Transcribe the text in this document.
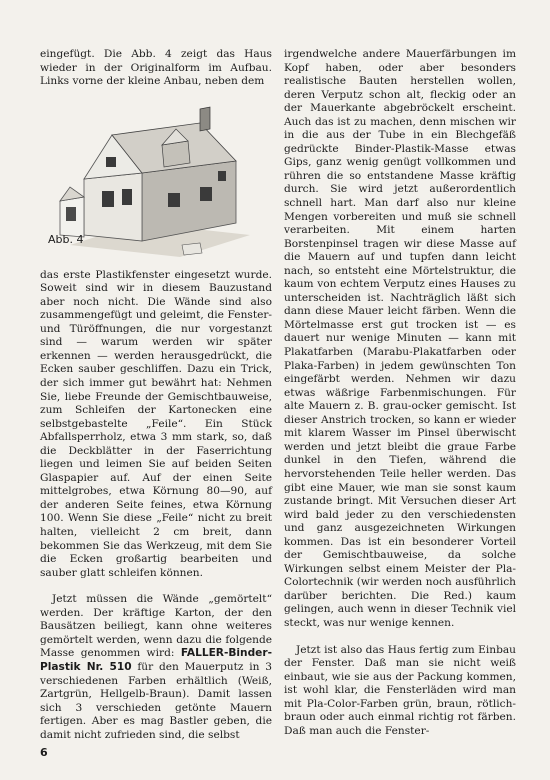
eingefügt. Die Abb. 4 zeigt das Haus wieder in der Originalform im Aufbau. Links vorne der kleine Anbau, neben dem

Abb. 4

das erste Plastikfenster eingesetzt wurde. Soweit sind wir in diesem Bauzustand aber noch nicht. Die Wände sind also zusammengefügt und geleimt, die Fenster- und Türöffnungen, die nur vorgestanzt sind — warum werden wir später erkennen — werden herausgedrückt, die Ecken sauber geschliffen. Dazu ein Trick, der sich immer gut bewährt hat: Nehmen Sie, liebe Freunde der Gemischtbauweise, zum Schleifen der Kartonecken eine selbstgebastelte „Feile“. Ein Stück Abfallsperrholz, etwa 3 mm stark, so, daß die Deckblätter in der Faserrichtung liegen und leimen Sie auf beiden Seiten Glaspapier auf. Auf der einen Seite mittelgrobes, etwa Körnung 80—90, auf der anderen Seite feines, etwa Körnung 100. Wenn Sie diese „Feile“ nicht zu breit halten, vielleicht 2 cm breit, dann bekommen Sie das Werkzeug, mit dem Sie die Ecken großartig bearbeiten und sauber glatt schleifen können.

Jetzt müssen die Wände „gemörtelt“ werden. Der kräftige Karton, der den Bausätzen beiliegt, kann ohne weiteres gemörtelt werden, wenn dazu die folgende Masse genommen wird: FALLER-Binder-Plastik Nr. 510 für den Mauerputz in 3 verschiedenen Farben erhältlich (Weiß, Zartgrün, Hellgelb-Braun). Damit lassen sich 3 verschieden getönte Mauern fertigen. Aber es mag Bastler geben, die damit nicht zufrieden sind, die selbst

irgendwelche andere Mauerfärbungen im Kopf haben, oder aber besonders realistische Bauten herstellen wollen, deren Verputz schon alt, fleckig oder an der Mauerkante abgebröckelt erscheint. Auch das ist zu machen, denn mischen wir in die aus der Tube in ein Blechgefäß gedrückte Binder-Plastik-Masse etwas Gips, ganz wenig genügt vollkommen und rühren die so entstandene Masse kräftig durch. Sie wird jetzt außerordentlich schnell hart. Man darf also nur kleine Mengen vorbereiten und muß sie schnell verarbeiten. Mit einem harten Borstenpinsel tragen wir diese Masse auf die Mauern auf und tupfen dann leicht nach, so entsteht eine Mörtelstruktur, die kaum von echtem Verputz eines Hauses zu unterscheiden ist. Nachträglich läßt sich dann diese Mauer leicht färben. Wenn die Mörtelmasse erst gut trocken ist — es dauert nur wenige Minuten — kann mit Plakatfarben (Marabu-Plakatfarben oder Plaka-Farben) in jedem gewünschten Ton eingefärbt werden. Nehmen wir dazu etwas wäßrige Farbenmischungen. Für alte Mauern z. B. grau-ocker gemischt. Ist dieser Anstrich trocken, so kann er wieder mit klarem Wasser im Pinsel überwischt werden und jetzt bleibt die graue Farbe dunkel in den Tiefen, während die hervorstehenden Teile heller werden. Das gibt eine Mauer, wie man sie sonst kaum zustande bringt. Mit Versuchen dieser Art wird bald jeder zu den verschiedensten und ganz ausgezeichneten Wirkungen kommen. Das ist ein besonderer Vorteil der Gemischtbauweise, da solche Wirkungen selbst einem Meister der Pla-Colortechnik (wir werden noch ausführlich darüber berichten. Die Red.) kaum gelingen, auch wenn in dieser Technik viel steckt, was nur wenige kennen.

Jetzt ist also das Haus fertig zum Einbau der Fenster. Daß man sie nicht weiß einbaut, wie sie aus der Packung kommen, ist wohl klar, die Fensterläden wird man mit Pla-Color-Farben grün, braun, rötlich-braun oder auch einmal richtig rot färben. Daß man auch die Fenster-

6
